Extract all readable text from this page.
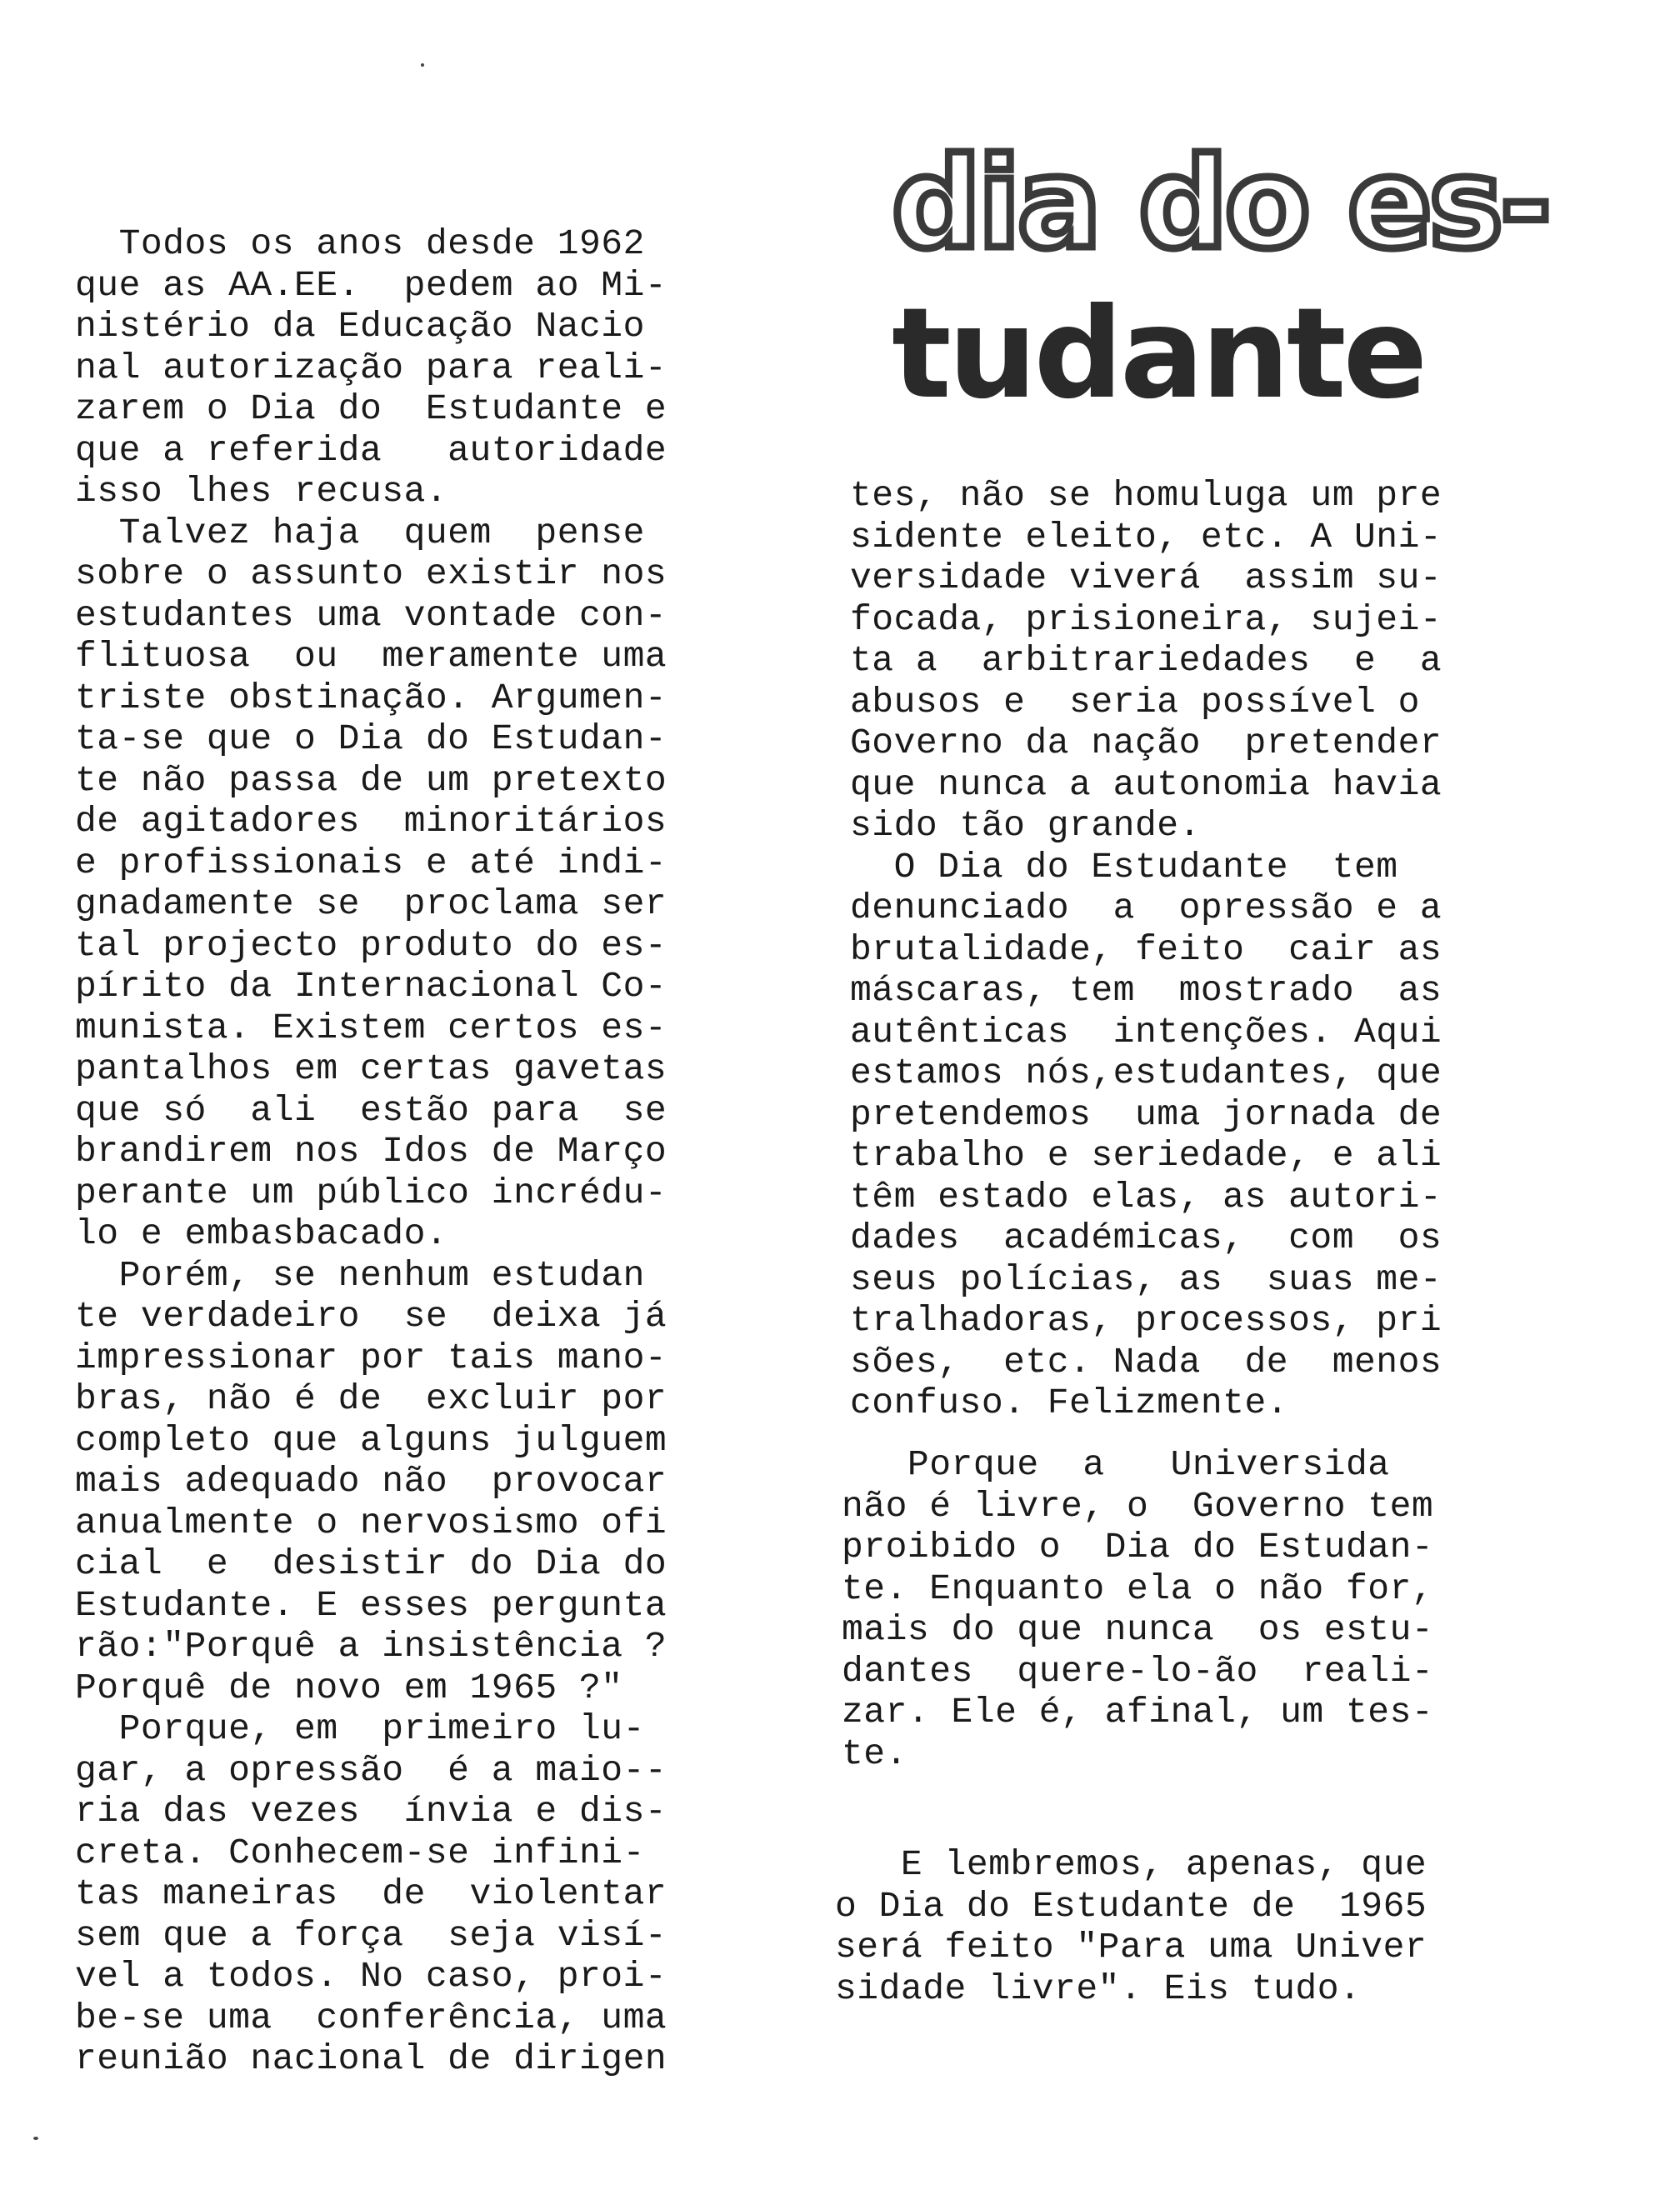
dia do es-
tudante
Todos os anos desde 1962
que as AA.EE.  pedem ao Mi-
nistério da Educação Nacio
nal autorização para reali-
zarem o Dia do  Estudante e
que a referida   autoridade
isso lhes recusa.
Talvez haja  quem  pense
sobre o assunto existir nos
estudantes uma vontade con-
flituosa  ou  meramente uma
triste obstinação. Argumen-
ta-se que o Dia do Estudan-
te não passa de um pretexto
de agitadores  minoritários
e profissionais e até indi-
gnadamente se  proclama ser
tal projecto produto do es-
pírito da Internacional Co-
munista. Existem certos es-
pantalhos em certas gavetas
que só  ali  estão para  se
brandirem nos Idos de Março
perante um público incrédu-
lo e embasbacado.
Porém, se nenhum estudan
te verdadeiro  se  deixa já
impressionar por tais mano-
bras, não é de  excluir por
completo que alguns julguem
mais adequado não  provocar
anualmente o nervosismo ofi
cial  e  desistir do Dia do
Estudante. E esses pergunta
rão:"Porquê a insistência ?
Porquê de novo em 1965 ?"
Porque, em  primeiro lu-
gar, a opressão  é a maio--
ria das vezes  ínvia e dis-
creta. Conhecem-se infini-
tas maneiras  de  violentar
sem que a força  seja visí-
vel a todos. No caso, proi-
be-se uma  conferência, uma
reunião nacional de dirigen
tes, não se homuluga um pre
sidente eleito, etc. A Uni-
versidade viverá  assim su-
focada, prisioneira, sujei-
ta a  arbitrariedades  e  a
abusos e  seria possível o
Governo da nação  pretender
que nunca a autonomia havia
sido tão grande.
O Dia do Estudante  tem
denunciado  a  opressão e a
brutalidade, feito  cair as
máscaras, tem  mostrado  as
autênticas  intenções. Aqui
estamos nós,estudantes, que
pretendemos  uma jornada de
trabalho e seriedade, e ali
têm estado elas, as autori-
dades  académicas,  com  os
seus polícias, as  suas me-
tralhadoras, processos, pri
sões,  etc. Nada  de  menos
confuso. Felizmente.
Porque  a   Universida
não é livre, o  Governo tem
proibido o  Dia do Estudan-
te. Enquanto ela o não for,
mais do que nunca  os estu-
dantes  quere-lo-ão  reali-
zar. Ele é, afinal, um tes-
te.
E lembremos, apenas, que
o Dia do Estudante de  1965
será feito "Para uma Univer
sidade livre". Eis tudo.
